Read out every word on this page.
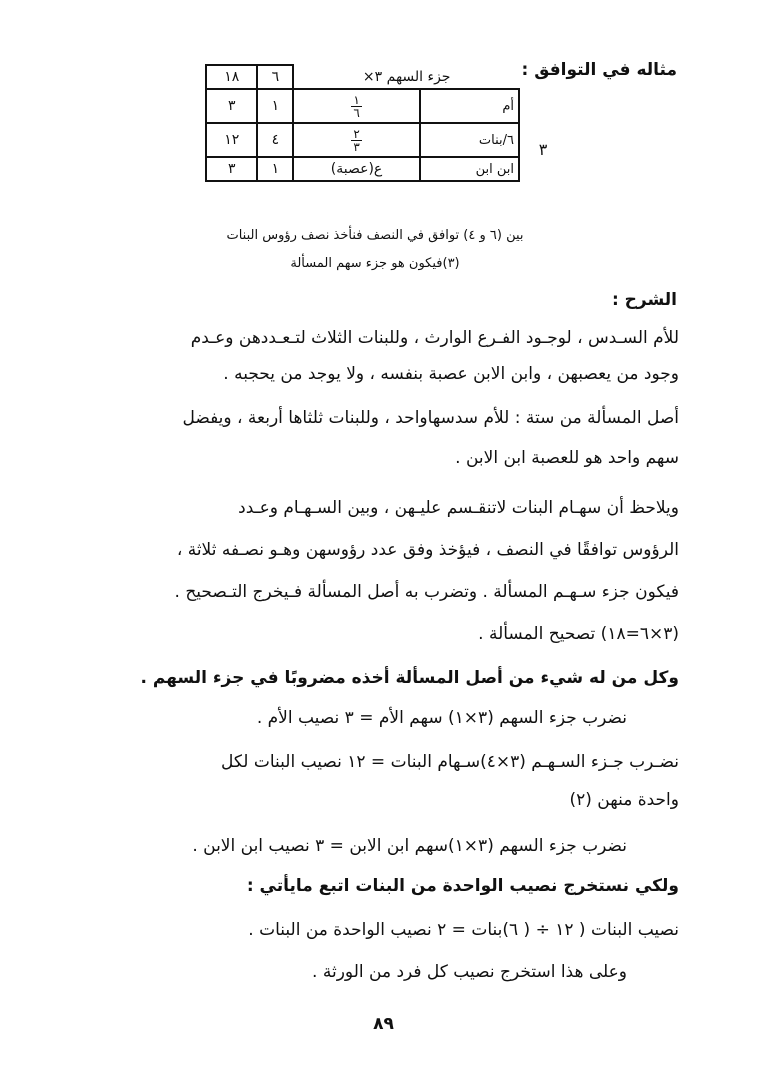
مثاله في التوافق :
٣
جزء السهم ٣×		٦	١٨
أم	$\frac{١}{٦}$	١	٣
٦/بنات	$\frac{٢}{٣}$	٤	١٢
ابن ابن	ع(عصبة)	١	٣
بين (٦ و ٤) توافق في النصف فنأخذ نصف رؤوس البنات
(٣)فيكون هو جزء سهم المسألة
الشرح :
للأم السـدس ، لوجـود الفـرع الوارث ، وللبنات الثلاث لتـعـددهن وعـدم
وجود من يعصبهن ، وابن الابن عصبة بنفسه ، ولا يوجد من يحجبه .
أصل المسألة من ستة : للأم سدسهاواحد ، وللبنات ثلثاها أربعة ، ويفضل
سهم واحد هو للعصبة ابن الابن .
ويلاحظ أن سهـام البنات لاتنقـسم عليـهن ، وبين السـهـام وعـدد
الرؤوس توافقًا في النصف ، فيؤخذ وفق عدد رؤوسهن وهـو نصـفه ثلاثة ،
فيكون جزء سـهـم المسألة . وتضرب به أصل المسألة فـيخرج التـصحيح .
(٣×٦=١٨) تصحيح المسألة .
وكل من له شيء من أصل المسألة أخذه مضروبًا في جزء السهم .
نضرب جزء السهم (٣×١) سهم الأم = ٣ نصيب الأم .
نضـرب جـزء السـهـم (٣×٤)سـهام البنات = ١٢ نصيب البنات لكل
واحدة منهن (٢)
نضرب جزء السهم (٣×١)سهم ابن الابن = ٣ نصيب ابن الابن .
ولكي نستخرج نصيب الواحدة من البنات اتبع مايأتي :
نصيب البنات ( ١٢ ÷ ( ٦)بنات = ٢ نصيب الواحدة من البنات .
وعلى هذا استخرج نصيب كل فرد من الورثة .
٨٩
